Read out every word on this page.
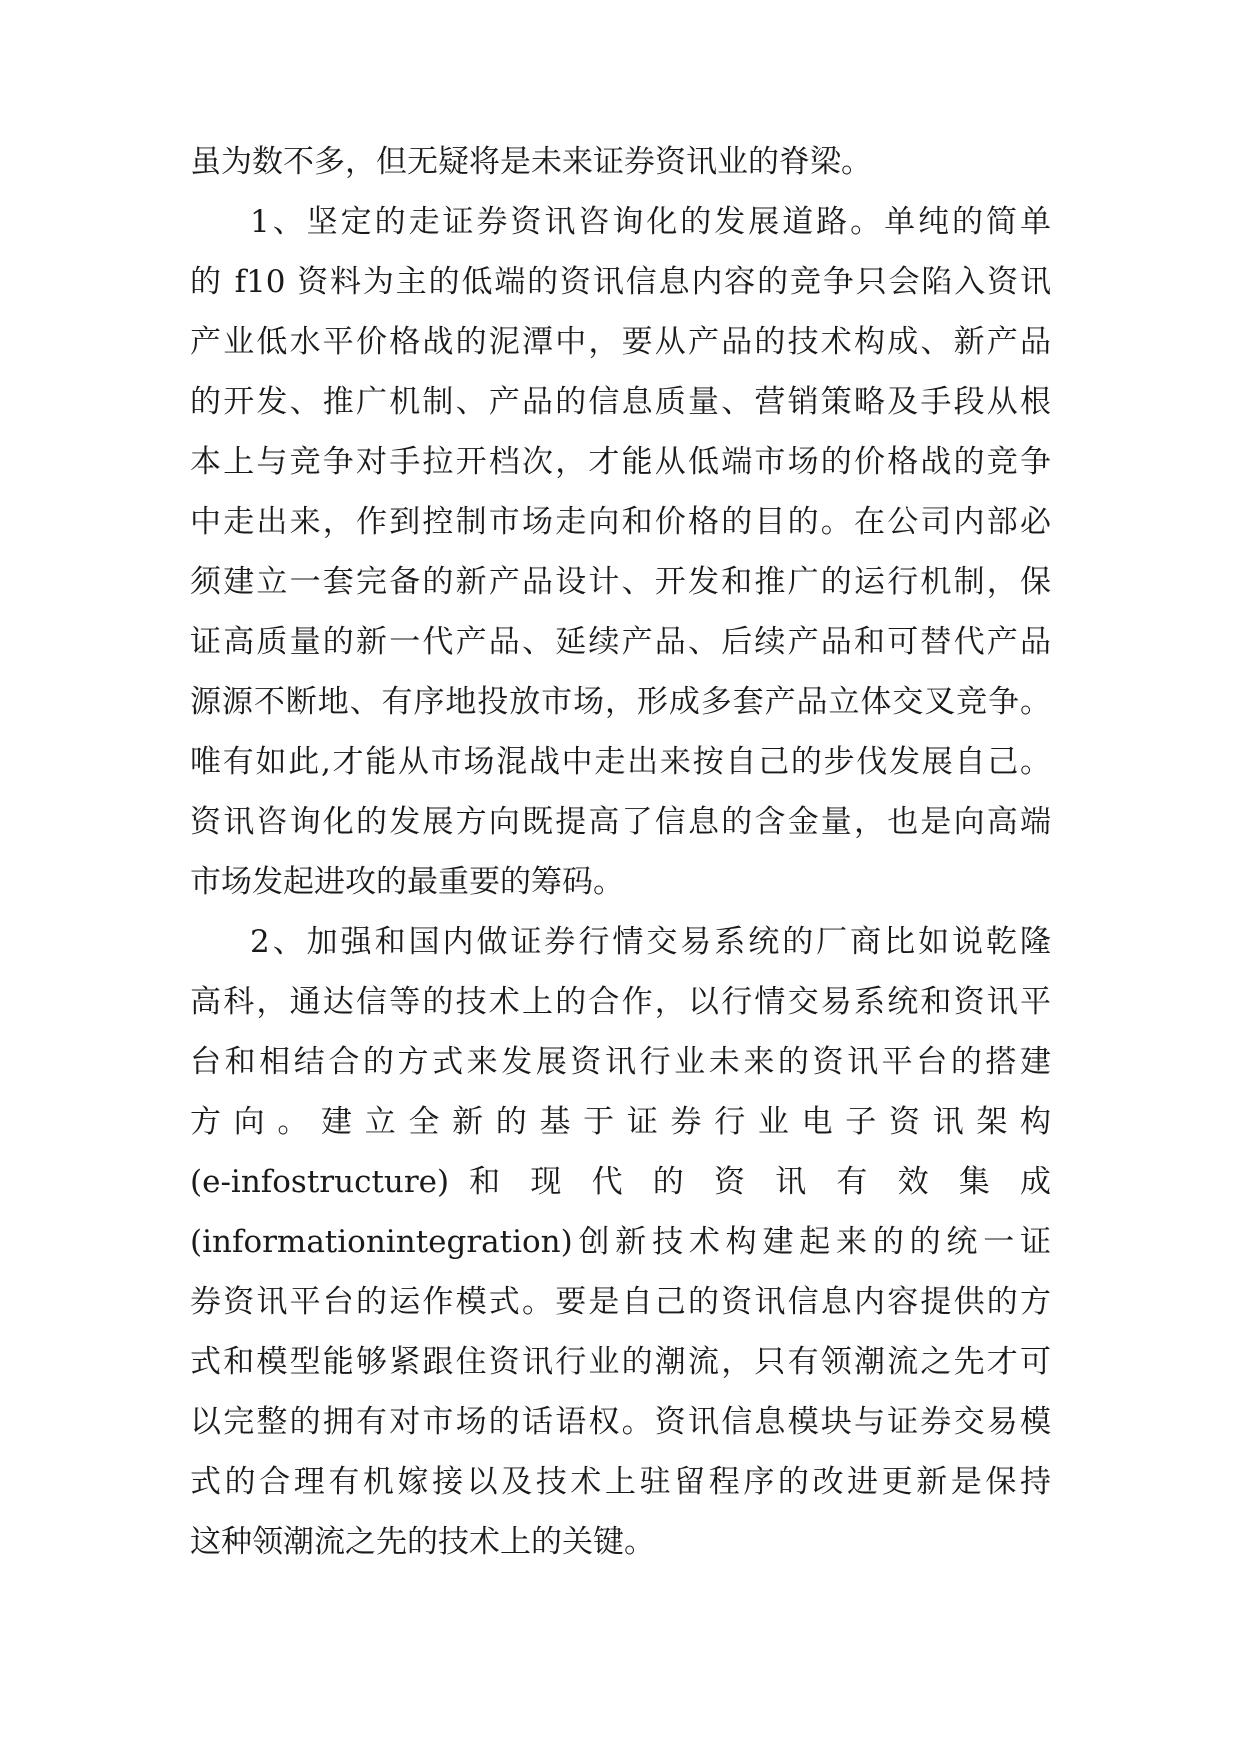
虽为数不多，但无疑将是未来证券资讯业的脊梁。
1、坚定的走证券资讯咨询化的发展道路。单纯的简单
的 f10 资料为主的低端的资讯信息内容的竞争只会陷入资讯
产业低水平价格战的泥潭中，要从产品的技术构成、新产品
的开发、推广机制、产品的信息质量、营销策略及手段从根
本上与竞争对手拉开档次，才能从低端市场的价格战的竞争
中走出来，作到控制市场走向和价格的目的。在公司内部必
须建立一套完备的新产品设计、开发和推广的运行机制，保
证高质量的新一代产品、延续产品、后续产品和可替代产品
源源不断地、有序地投放市场，形成多套产品立体交叉竞争。
唯有如此,才能从市场混战中走出来按自己的步伐发展自己。
资讯咨询化的发展方向既提高了信息的含金量，也是向高端
市场发起进攻的最重要的筹码。
2、加强和国内做证券行情交易系统的厂商比如说乾隆
高科，通达信等的技术上的合作，以行情交易系统和资讯平
台和相结合的方式来发展资讯行业未来的资讯平台的搭建
方向。建立全新的基于证券行业电子资讯架构
(e-infostructure) 和 现 代 的 资 讯 有 效 集 成
(informationintegration)创新技术构建起来的的统一证
券资讯平台的运作模式。要是自己的资讯信息内容提供的方
式和模型能够紧跟住资讯行业的潮流，只有领潮流之先才可
以完整的拥有对市场的话语权。资讯信息模块与证券交易模
式的合理有机嫁接以及技术上驻留程序的改进更新是保持
这种领潮流之先的技术上的关键。
